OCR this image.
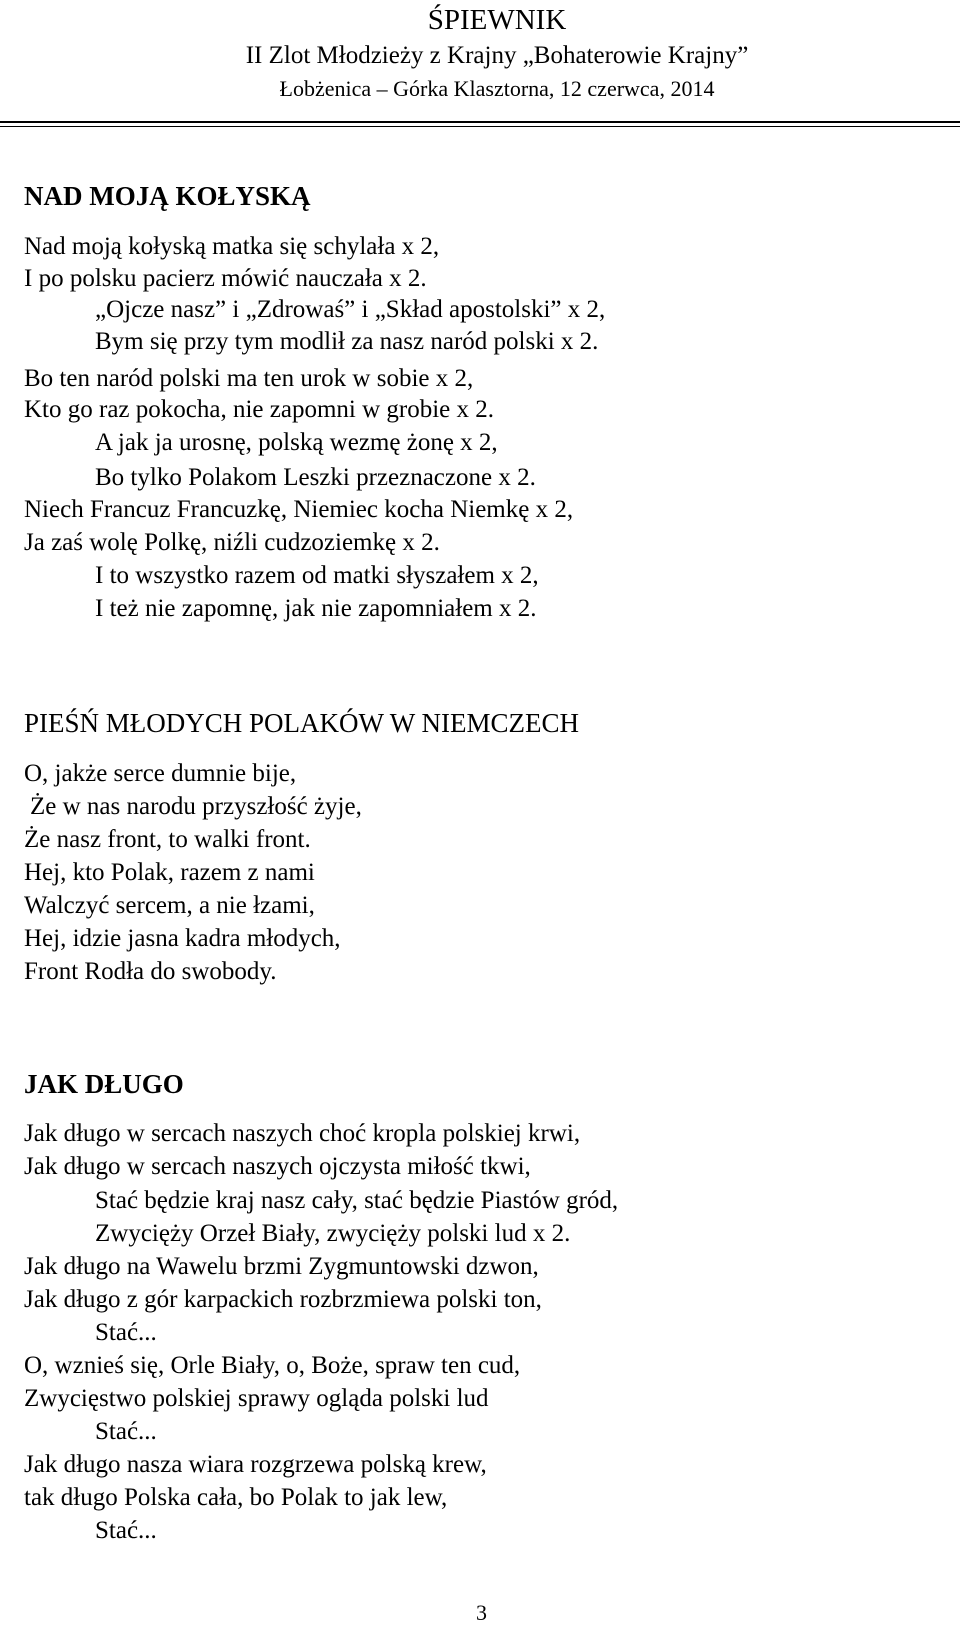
ŚPIEWNIK
II Zlot Młodzieży z Krajny „Bohaterowie Krajny”
Łobżenica – Górka Klasztorna, 12 czerwca, 2014
NAD MOJĄ KOŁYSKĄ
Nad moją kołyską matka się schylała x 2,
I po polsku pacierz mówić nauczała x 2.
„Ojcze nasz” i „Zdrowaś” i „Skład apostolski” x 2,
Bym się przy tym modlił za nasz naród polski x 2.
Bo ten naród polski ma ten urok w sobie x 2,
Kto go raz pokocha, nie zapomni w grobie x 2.
A jak ja urosnę, polską wezmę żonę x 2,
Bo tylko Polakom Leszki przeznaczone x 2.
Niech Francuz Francuzkę, Niemiec kocha Niemkę x 2,
Ja zaś wolę Polkę, niźli cudzoziemkę x 2.
I to wszystko razem od matki słyszałem x 2,
I też nie zapomnę, jak nie zapomniałem x 2.
PIEŚŃ MŁODYCH POLAKÓW W NIEMCZECH
O, jakże serce dumnie bije,
Że w nas narodu przyszłość żyje,
Że nasz front, to walki front.
Hej, kto Polak, razem z nami
Walczyć sercem, a nie łzami,
Hej, idzie jasna kadra młodych,
Front Rodła do swobody.
JAK DŁUGO
Jak długo w sercach naszych choć kropla polskiej krwi,
Jak długo w sercach naszych ojczysta miłość tkwi,
Stać będzie kraj nasz cały, stać będzie Piastów gród,
Zwycięży Orzeł Biały, zwycięży polski lud x 2.
Jak długo na Wawelu brzmi Zygmuntowski dzwon,
Jak długo z gór karpackich rozbrzmiewa polski ton,
Stać...
O, wznieś się, Orle Biały, o, Boże, spraw ten cud,
Zwycięstwo polskiej sprawy ogląda polski lud
Stać...
Jak długo nasza wiara rozgrzewa polską krew,
tak długo Polska cała, bo Polak to jak lew,
Stać...
3
